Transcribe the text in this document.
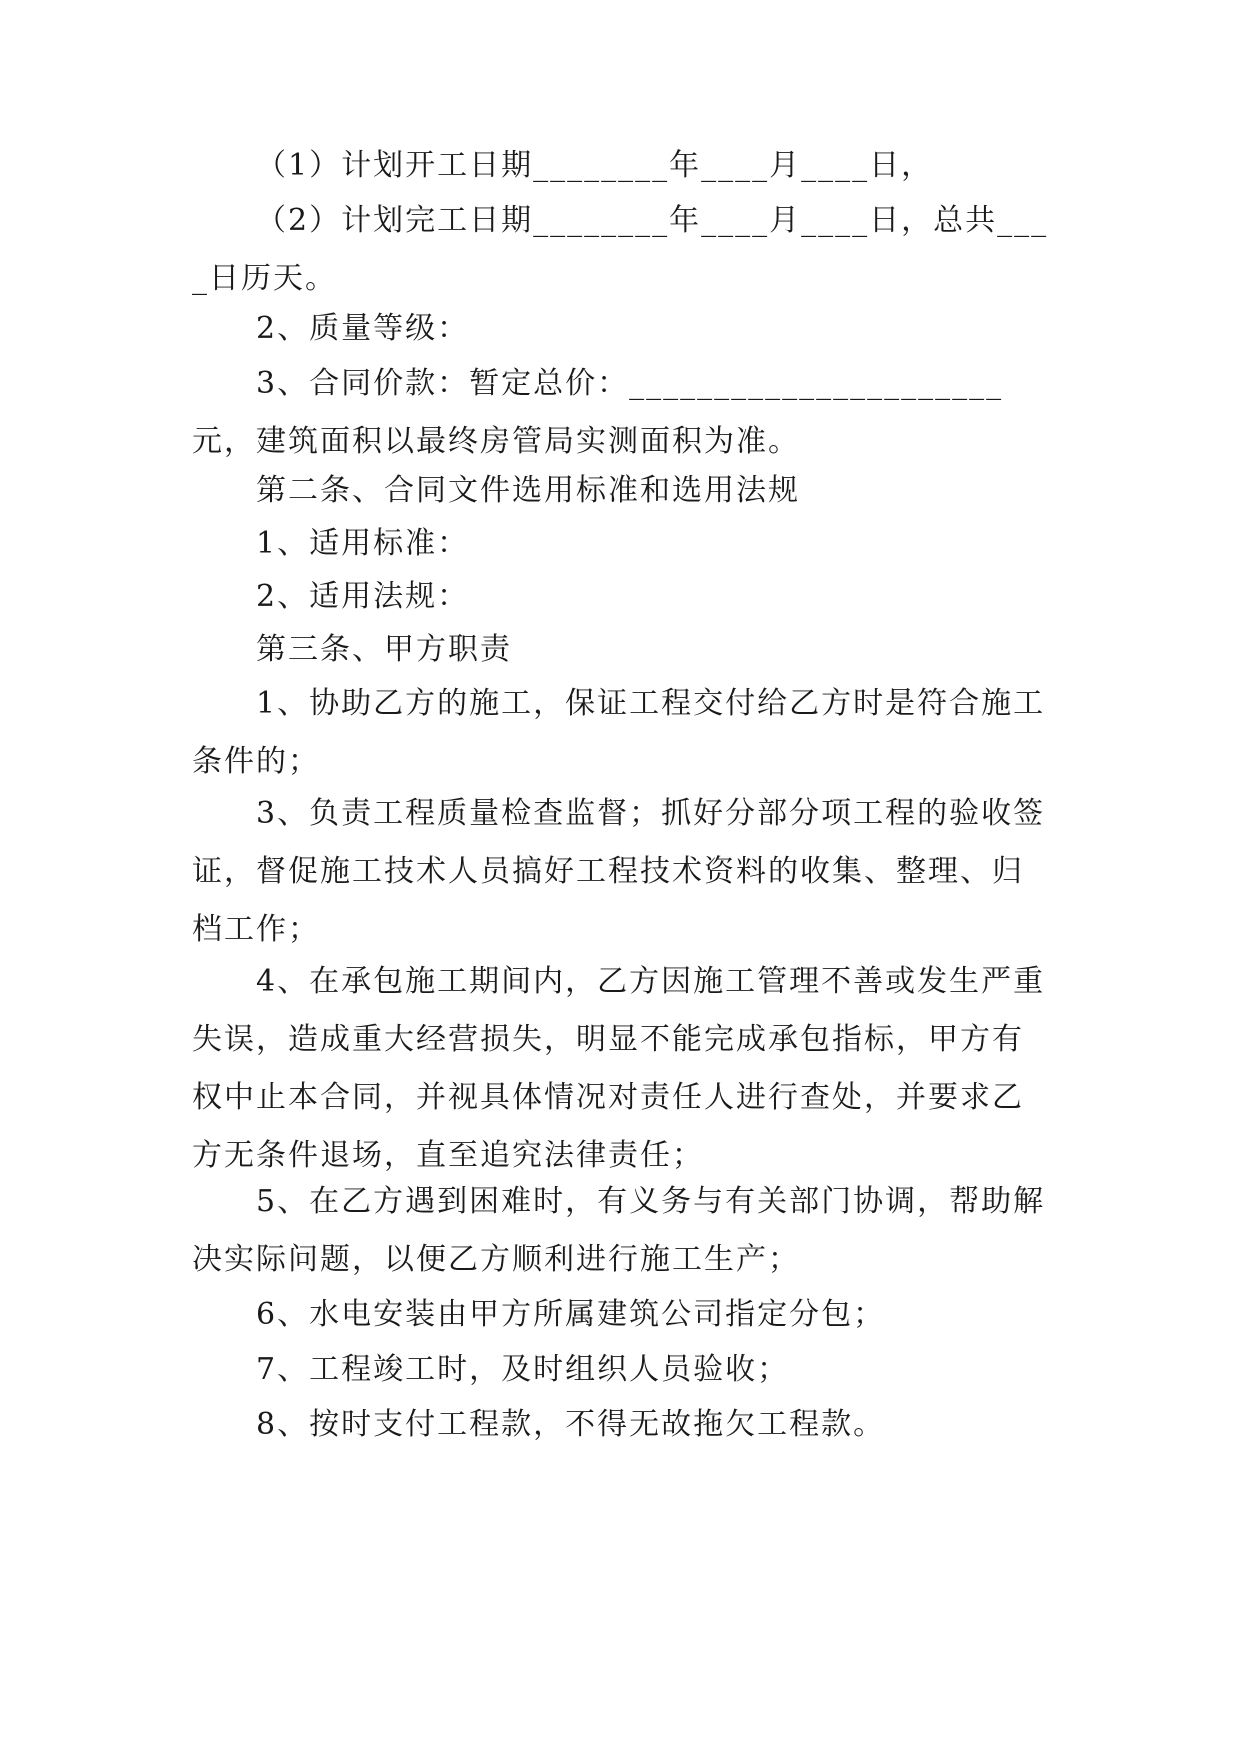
（1）计划开工日期________年____月____日，

（2）计划完工日期________年____月____日，总共____日历天。

2、质量等级：

3、合同价款：暂定总价：______________________元，建筑面积以最终房管局实测面积为准。

第二条、合同文件选用标准和选用法规

1、适用标准：

2、适用法规：

第三条、甲方职责

1、协助乙方的施工，保证工程交付给乙方时是符合施工条件的；

3、负责工程质量检查监督；抓好分部分项工程的验收签证，督促施工技术人员搞好工程技术资料的收集、整理、归档工作；

4、在承包施工期间内，乙方因施工管理不善或发生严重失误，造成重大经营损失，明显不能完成承包指标，甲方有权中止本合同，并视具体情况对责任人进行查处，并要求乙方无条件退场，直至追究法律责任；

5、在乙方遇到困难时，有义务与有关部门协调，帮助解决实际问题，以便乙方顺利进行施工生产；

6、水电安装由甲方所属建筑公司指定分包；

7、工程竣工时，及时组织人员验收；

8、按时支付工程款，不得无故拖欠工程款。
